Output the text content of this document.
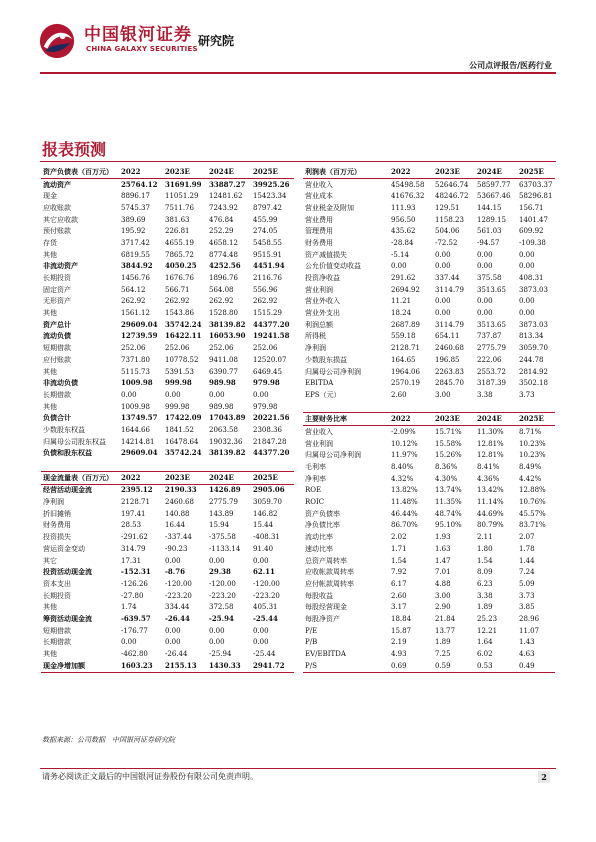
中国银河证券
CHINA GALAXY SECURITIES
研究院
公司点评报告/医药行业
报表预测
资产负债表（百万元）	2022	2023E	2024E	2025E
流动资产	25764.12	31691.99	33887.27	39925.26
现金	8896.17	11051.29	12481.62	15423.34
应收账款	5745.37	7511.76	7243.92	8797.42
其它应收款	389.69	381.63	476.84	455.99
预付账款	195.92	226.81	252.29	274.05
存货	3717.42	4655.19	4658.12	5458.55
其他	6819.55	7865.72	8774.48	9515.91
非流动资产	3844.92	4050.25	4252.56	4451.94
长期投资	1456.76	1676.76	1896.76	2116.76
固定资产	564.12	566.71	564.08	556.96
无形资产	262.92	262.92	262.92	262.92
其他	1561.12	1543.86	1528.80	1515.29
资产总计	29609.04	35742.24	38139.82	44377.20
流动负债	12739.59	16422.11	16053.90	19241.58
短期借款	252.06	252.06	252.06	252.06
应付账款	7371.80	10778.52	9411.08	12520.07
其他	5115.73	5391.53	6390.77	6469.45
非流动负债	1009.98	999.98	989.98	979.98
长期借款	0.00	0.00	0.00	0.00
其他	1009.98	999.98	989.98	979.98
负债合计	13749.57	17422.09	17043.89	20221.56
少数股东权益	1644.66	1841.52	2063.58	2308.36
归属母公司股东权益	14214.81	16478.64	19032.36	21847.28
负债和股东权益	29609.04	35742.24	38139.82	44377.20

现金流量表（百万元）	2022	2023E	2024E	2025E
经营活动现金流	2395.12	2190.33	1426.89	2905.06
净利润	2128.71	2460.68	2775.79	3059.70
折旧摊销	197.41	140.88	143.89	146.82
财务费用	28.53	16.44	15.94	15.44
投资损失	-291.62	-337.44	-375.58	-408.31
营运资金变动	314.79	-90.23	-1133.14	91.40
其它	17.31	0.00	0.00	0.00
投资活动现金流	-152.31	-8.76	29.38	62.11
资本支出	-126.26	-120.00	-120.00	-120.00
长期投资	-27.80	-223.20	-223.20	-223.20
其他	1.74	334.44	372.58	405.31
筹资活动现金流	-639.57	-26.44	-25.94	-25.44
短期借款	-176.77	0.00	0.00	0.00
长期借款	0.00	0.00	0.00	0.00
其他	-462.80	-26.44	-25.94	-25.44
现金净增加额	1603.23	2155.13	1430.33	2941.72
利润表（百万元）	2022	2023E	2024E	2025E
营业收入	45498.58	52646.74	58597.77	63703.37
营业成本	41676.32	48246.72	53667.46	58296.81
营业税金及附加	111.93	129.51	144.15	156.71
营业费用	956.50	1158.23	1289.15	1401.47
管理费用	435.62	504.06	561.03	609.92
财务费用	-28.84	-72.52	-94.57	-109.38
资产减值损失	-5.14	0.00	0.00	0.00
公允价值变动收益	0.00	0.00	0.00	0.00
投资净收益	291.62	337.44	375.58	408.31
营业利润	2694.92	3114.79	3513.65	3873.03
营业外收入	11.21	0.00	0.00	0.00
营业外支出	18.24	0.00	0.00	0.00
利润总额	2687.89	3114.79	3513.65	3873.03
所得税	559.18	654.11	737.87	813.34
净利润	2128.71	2460.68	2775.79	3059.70
少数股东损益	164.65	196.85	222.06	244.78
归属母公司净利润	1964.06	2263.83	2553.72	2814.92
EBITDA	2570.19	2845.70	3187.39	3502.18
EPS（元）	2.60	3.00	3.38	3.73

主要财务比率	2022	2023E	2024E	2025E
营业收入	-2.09%	15.71%	11.30%	8.71%
营业利润	10.12%	15.58%	12.81%	10.23%
归属母公司净利润	11.97%	15.26%	12.81%	10.23%
毛利率	8.40%	8.36%	8.41%	8.49%
净利率	4.32%	4.30%	4.36%	4.42%
ROE	13.82%	13.74%	13.42%	12.88%
ROIC	11.48%	11.35%	11.14%	10.76%
资产负债率	46.44%	48.74%	44.69%	45.57%
净负债比率	86.70%	95.10%	80.79%	83.71%
流动比率	2.02	1.93	2.11	2.07
速动比率	1.71	1.63	1.80	1.78
总资产周转率	1.54	1.47	1.54	1.44
应收帐款周转率	7.92	7.01	8.09	7.24
应付帐款周转率	6.17	4.88	6.23	5.09
每股收益	2.60	3.00	3.38	3.73
每股经营现金	3.17	2.90	1.89	3.85
每股净资产	18.84	21.84	25.23	28.96
P/E	15.87	13.77	12.21	11.07
P/B	2.19	1.89	1.64	1.43
EV/EBITDA	4.93	7.25	6.02	4.63
P/S	0.69	0.59	0.53	0.49
数据来源：公司数据　中国银河证券研究院
请务必阅读正文最后的中国银河证券股份有限公司免责声明。	2
